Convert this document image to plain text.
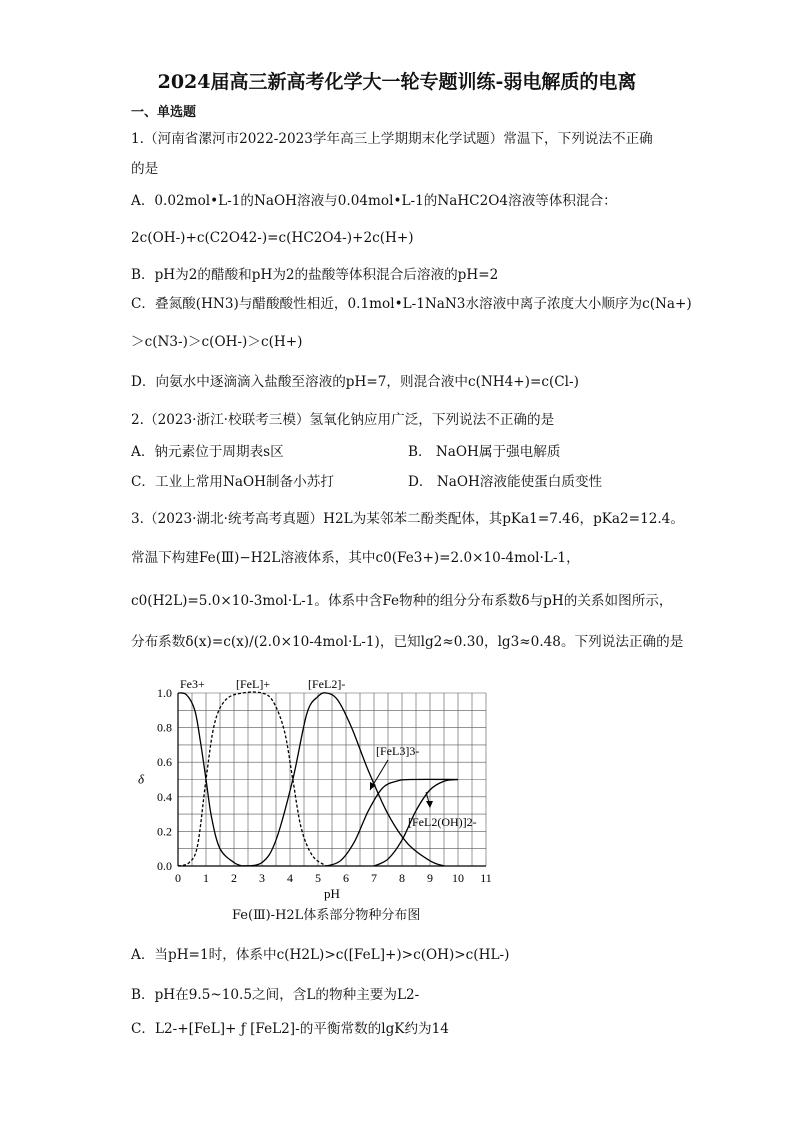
2024届高三新高考化学大一轮专题训练-弱电解质的电离
一、单选题
1.（河南省漯河市2022-2023学年高三上学期期末化学试题）常温下，下列说法不正确
的是
A．0.02mol•L-1的NaOH溶液与0.04mol•L-1的NaHC2O4溶液等体积混合：
2c(OH-)+c(C2O42-)=c(HC2O4-)+2c(H+)
B．pH为2的醋酸和pH为2的盐酸等体积混合后溶液的pH=2
C．叠氮酸(HN3)与醋酸酸性相近，0.1mol•L-1NaN3水溶液中离子浓度大小顺序为c(Na+)
＞c(N3-)＞c(OH-)＞c(H+)
D．向氨水中逐滴滴入盐酸至溶液的pH=7，则混合液中c(NH4+)=c(Cl-)
2.（2023·浙江·校联考三模）氢氧化钠应用广泛，下列说法不正确的是
A．钠元素位于周期表s区	B． NaOH属于强电解质
C．工业上常用NaOH制备小苏打	D． NaOH溶液能使蛋白质变性
3.（2023·湖北·统考高考真题）H2L为某邻苯二酚类配体，其pKa1=7.46，pKa2=12.4。
常温下构建Fe(Ⅲ)−H2L溶液体系，其中c0(Fe3+)=2.0×10-4mol·L-1，
c0(H2L)=5.0×10-3mol·L-1。体系中含Fe物种的组分分布系数δ与pH的关系如图所示，
分布系数δ(x)=c(x)/(2.0×10-4mol·L-1)，已知lg2≈0.30，lg3≈0.48。下列说法正确的是
0 1 2 3 4 5 6 7 8 9 10 11
0.0
0.2
0.4
0.6
0.8
1.0
pH
δ
Fe3+	[FeL]+	[FeL2]-
[FeL3]3-
[FeL2(OH)]2-
Fe(Ⅲ)-H2L体系部分物种分布图
A．当pH=1时，体系中c(H2L)>c([FeL]+)>c(OH)>c(HL-)
B．pH在9.5~10.5之间，含L的物种主要为L2-
C．L2-+[FeL]+ ƒ [FeL2]-的平衡常数的lgK约为14
